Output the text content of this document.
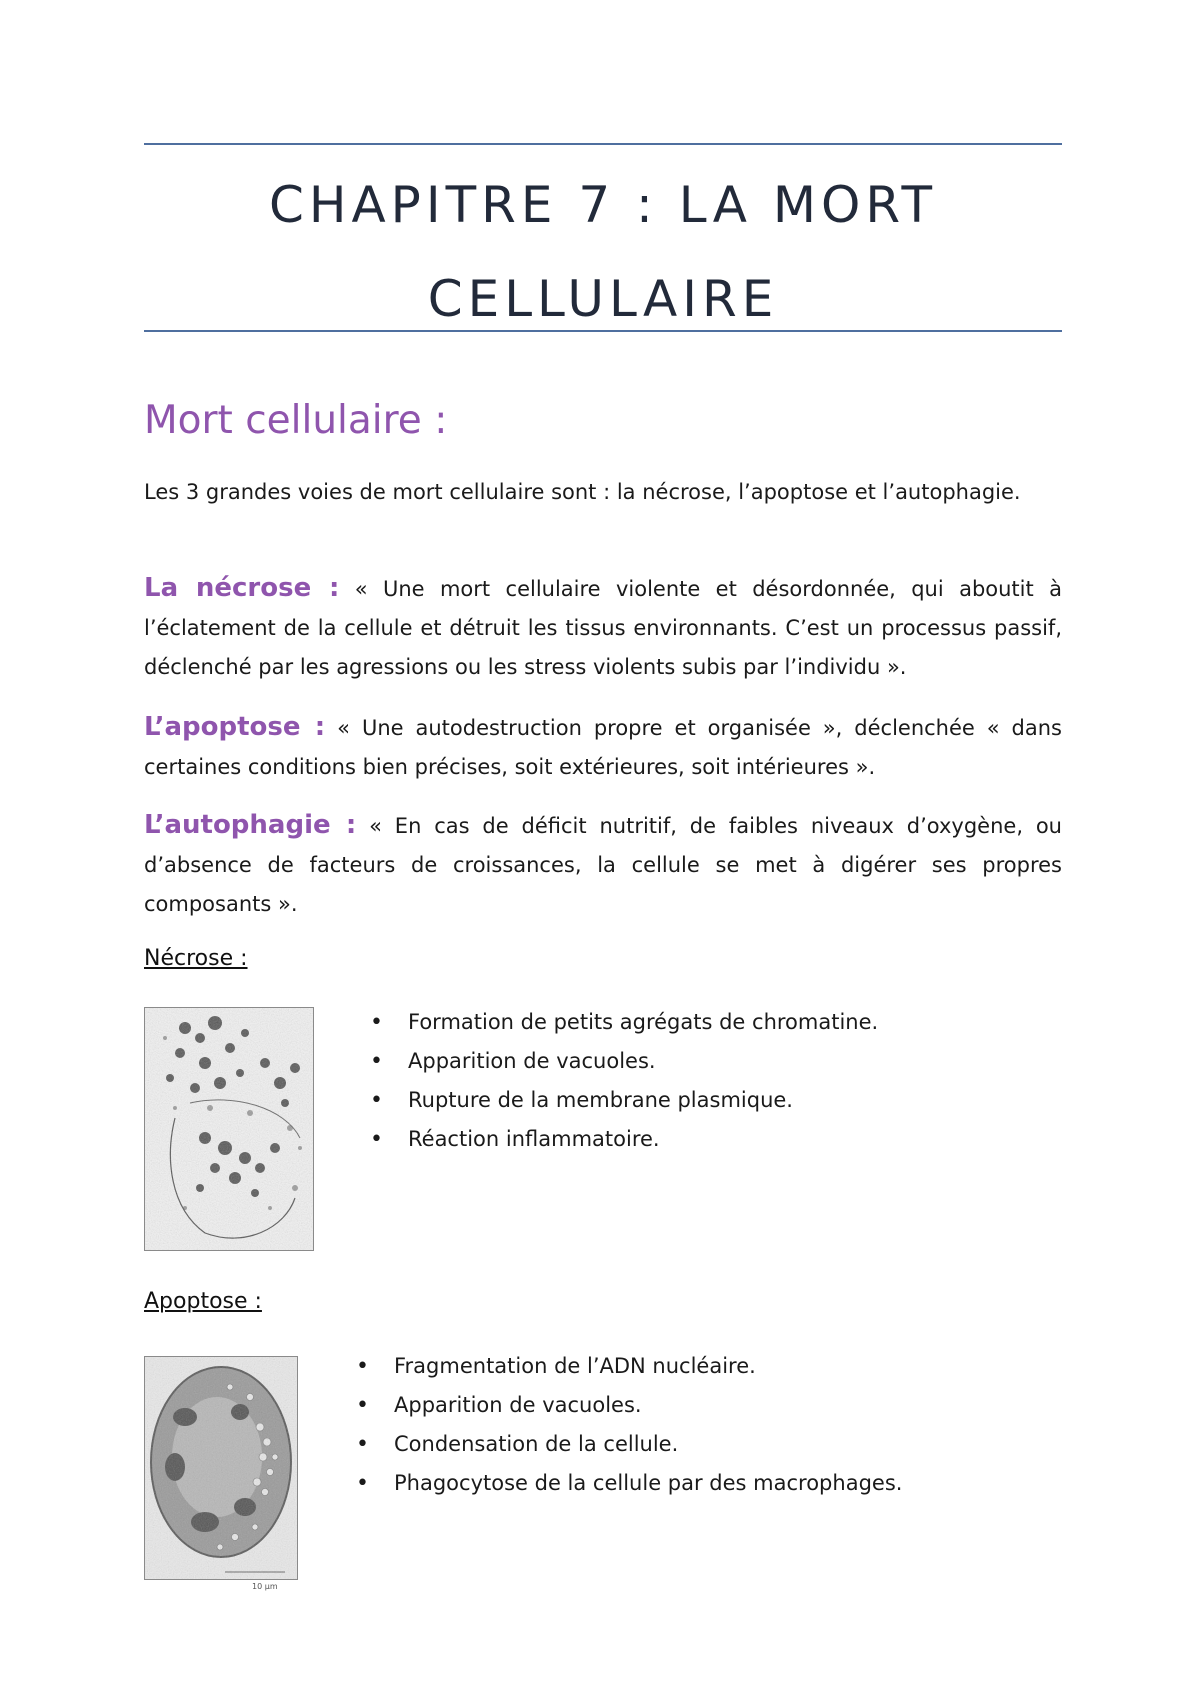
CHAPITRE 7 : LA MORT
CELLULAIRE
Mort cellulaire :

Les 3 grandes voies de mort cellulaire sont : la nécrose, l’apoptose et l’autophagie.

La nécrose : « Une mort cellulaire violente et désordonnée, qui aboutit à l’éclatement de la cellule et détruit les tissus environnants. C’est un processus passif, déclenché par les agressions ou les stress violents subis par l’individu ».

L’apoptose : « Une autodestruction propre et organisée », déclenchée « dans certaines conditions bien précises, soit extérieures, soit intérieures ».

L’autophagie : « En cas de déficit nutritif, de faibles niveaux d’oxygène, ou d’absence de facteurs de croissances, la cellule se met à digérer ses propres composants ».

Nécrose :
• Formation de petits agrégats de chromatine.
• Apparition de vacuoles.
• Rupture de la membrane plasmique.
• Réaction inflammatoire.
Apoptose :
10 µm
• Fragmentation de l’ADN nucléaire.
• Apparition de vacuoles.
• Condensation de la cellule.
• Phagocytose de la cellule par des macrophages.
